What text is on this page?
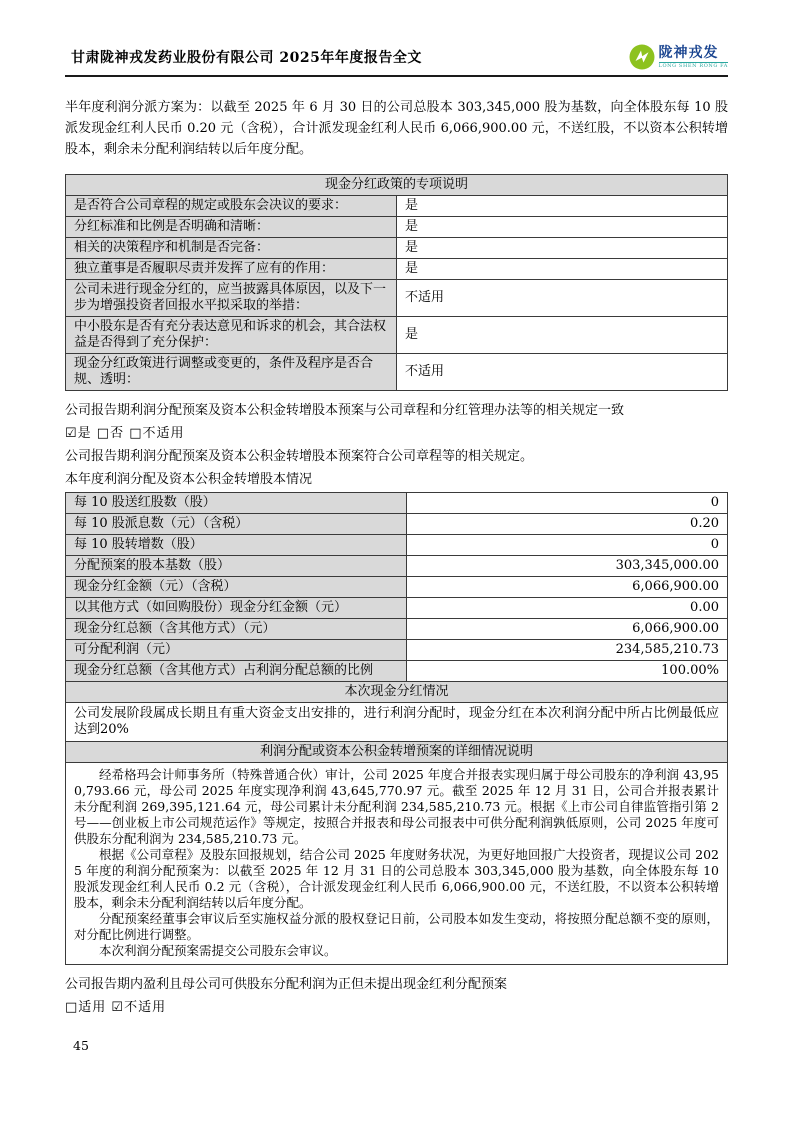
甘肃陇神戎发药业股份有限公司 2025年年度报告全文	陇神戎发
LONG SHEN RONG FA

半年度利润分派方案为：以截至 2025 年 6 月 30 日的公司总股本 303,345,000 股为基数，向全体股东每 10 股派发现金红利人民币 0.20 元（含税），合计派发现金红利人民币 6,066,900.00 元，不送红股，不以资本公积转增股本，剩余未分配利润结转以后年度分配。

现金分红政策的专项说明	
是否符合公司章程的规定或股东会决议的要求：	是
分红标准和比例是否明确和清晰：	是
相关的决策程序和机制是否完备：	是
独立董事是否履职尽责并发挥了应有的作用：	是
公司未进行现金分红的，应当披露具体原因，以及下一步为增强投资者回报水平拟采取的举措：	不适用
中小股东是否有充分表达意见和诉求的机会，其合法权益是否得到了充分保护：	是
现金分红政策进行调整或变更的，条件及程序是否合规、透明：	不适用

公司报告期利润分配预案及资本公积金转增股本预案与公司章程和分红管理办法等的相关规定一致

☑是 □否 □不适用

公司报告期利润分配预案及资本公积金转增股本预案符合公司章程等的相关规定。

本年度利润分配及资本公积金转增股本情况

每 10 股送红股数（股）	0
每 10 股派息数（元）（含税）	0.20
每 10 股转增数（股）	0
分配预案的股本基数（股）	303,345,000.00
现金分红金额（元）（含税）	6,066,900.00
以其他方式（如回购股份）现金分红金额（元）	0.00
现金分红总额（含其他方式）（元）	6,066,900.00
可分配利润（元）	234,585,210.73
现金分红总额（含其他方式）占利润分配总额的比例	100.00%
本次现金分红情况	
公司发展阶段属成长期且有重大资金支出安排的，进行利润分配时，现金分红在本次利润分配中所占比例最低应达到20%	
利润分配或资本公积金转增预案的详细情况说明	

经希格玛会计师事务所（特殊普通合伙）审计，公司 2025 年度合并报表实现归属于母公司股东的净利润 43,950,793.66 元，母公司 2025 年度实现净利润 43,645,770.97 元。截至 2025 年 12 月 31 日，公司合并报表累计未分配利润 269,395,121.64 元，母公司累计未分配利润 234,585,210.73 元。根据《上市公司自律监管指引第 2 号——创业板上市公司规范运作》等规定，按照合并报表和母公司报表中可供分配利润孰低原则，公司 2025 年度可供股东分配利润为 234,585,210.73 元。

根据《公司章程》及股东回报规划，结合公司 2025 年度财务状况，为更好地回报广大投资者，现提议公司 2025 年度的利润分配预案为：以截至 2025 年 12 月 31 日的公司总股本 303,345,000 股为基数，向全体股东每 10 股派发现金红利人民币 0.2 元（含税），合计派发现金红利人民币 6,066,900.00 元，不送红股，不以资本公积转增股本，剩余未分配利润结转以后年度分配。

分配预案经董事会审议后至实施权益分派的股权登记日前，公司股本如发生变动，将按照分配总额不变的原则，对分配比例进行调整。

本次利润分配预案需提交公司股东会审议。	

公司报告期内盈利且母公司可供股东分配利润为正但未提出现金红利分配预案

□适用 ☑不适用

45
